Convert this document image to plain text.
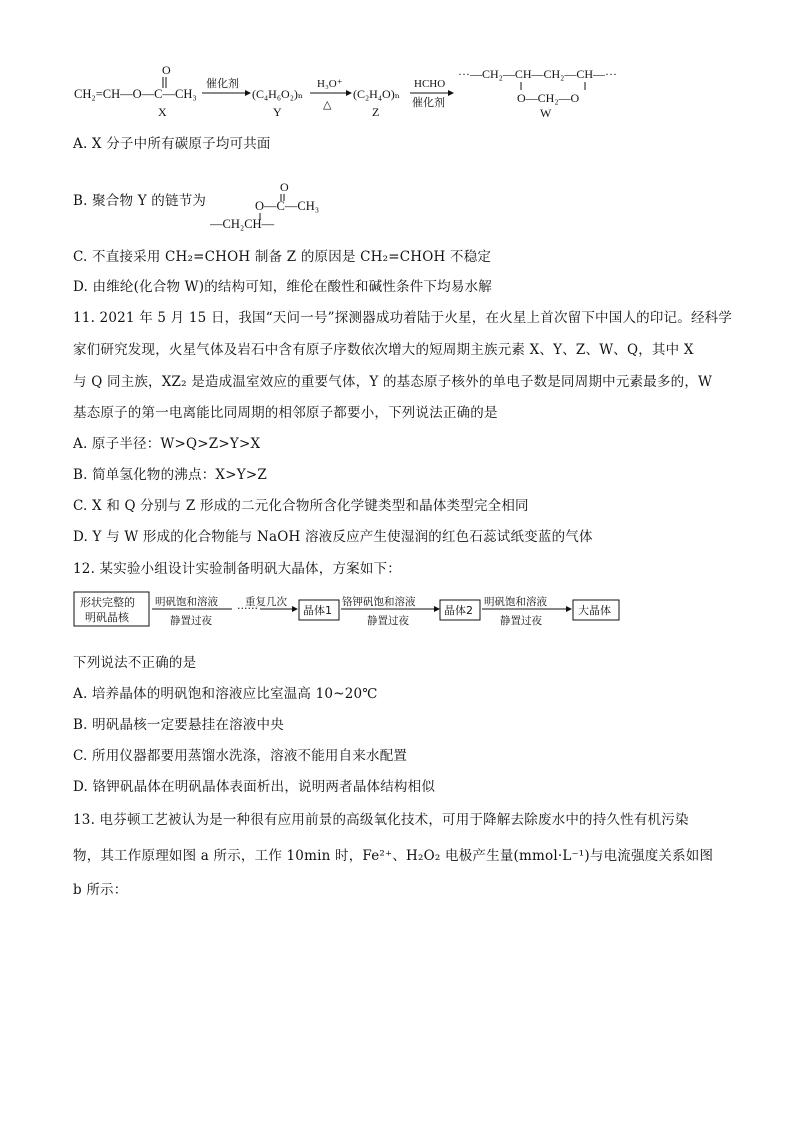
O
CH₂=CH—O—C—CH₃
X
催化剂
(C₄H₆O₂)ₙ
Y
H₃O⁺
△
(C₂H₄O)ₙ
Z
HCHO
催化剂
···—CH₂—CH—CH₂—CH—···
O—CH₂—O
W
A. X 分子中所有碳原子均可共面
B. 聚合物 Y 的链节为
O
O—C—CH₃
—CH₂CH—
C. 不直接采用 CH₂=CHOH 制备 Z 的原因是 CH₂=CHOH 不稳定
D. 由维纶(化合物 W)的结构可知，维伦在酸性和碱性条件下均易水解
11. 2021 年 5 月 15 日，我国“天问一号”探测器成功着陆于火星，在火星上首次留下中国人的印记。经科学
家们研究发现，火星气体及岩石中含有原子序数依次增大的短周期主族元素 X、Y、Z、W、Q，其中 X
与 Q 同主族，XZ₂ 是造成温室效应的重要气体，Y 的基态原子核外的单电子数是同周期中元素最多的，W
基态原子的第一电离能比同周期的相邻原子都要小，下列说法正确的是
A. 原子半径：W>Q>Z>Y>X
B. 简单氢化物的沸点：X>Y>Z
C. X 和 Q 分别与 Z 形成的二元化合物所含化学键类型和晶体类型完全相同
D. Y 与 W 形成的化合物能与 NaOH 溶液反应产生使湿润的红色石蕊试纸变蓝的气体
12. 某实验小组设计实验制备明矾大晶体，方案如下：
形状完整的
明矾晶核
明矾饱和溶液
静置过夜
······
重复几次
晶体1
铬钾矾饱和溶液
静置过夜
晶体2
明矾饱和溶液
静置过夜
大晶体
下列说法不正确的是
A. 培养晶体的明矾饱和溶液应比室温高 10~20℃
B. 明矾晶核一定要悬挂在溶液中央
C. 所用仪器都要用蒸馏水洗涤，溶液不能用自来水配置
D. 铬钾矾晶体在明矾晶体表面析出，说明两者晶体结构相似
13. 电芬顿工艺被认为是一种很有应用前景的高级氧化技术，可用于降解去除废水中的持久性有机污染
物，其工作原理如图 a 所示，工作 10min 时，Fe²⁺、H₂O₂ 电极产生量(mmol·L⁻¹)与电流强度关系如图
b 所示：
